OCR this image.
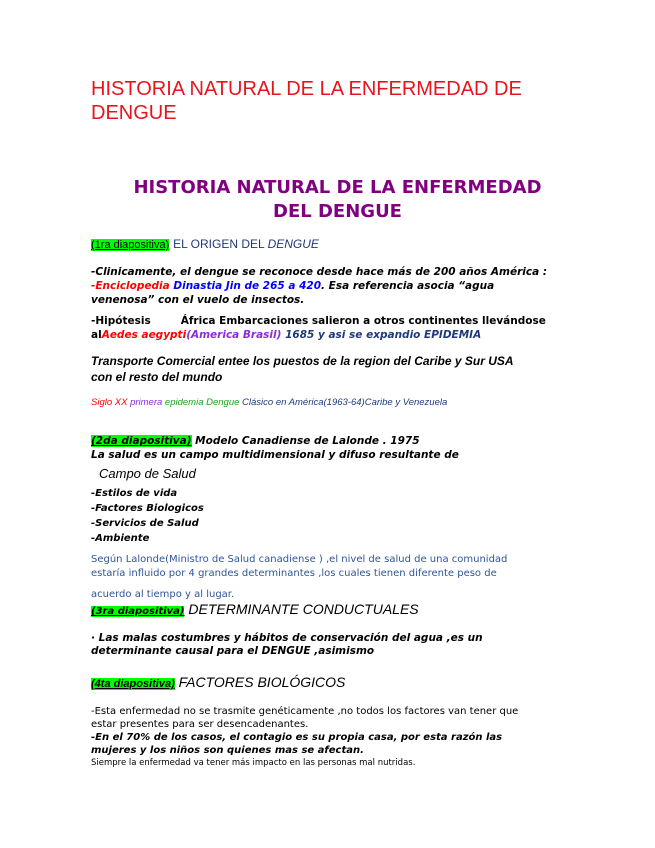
HISTORIA NATURAL DE LA ENFERMEDAD DE
DENGUE
HISTORIA NATURAL DE LA ENFERMEDAD
DEL DENGUE
(1ra diapositiva) EL ORIGEN DEL DENGUE
-Clinicamente, el dengue se reconoce desde hace más de 200 años América :
-Enciclopedia Dinastia Jin de 265 a 420. Esa referencia asocia “agua
venenosa” con el vuelo de insectos.
-Hipótesis	África Embarcaciones salieron a otros continentes llevándose
alAedes aegypti(America Brasil) 1685 y asi se expandio EPIDEMIA
Transporte Comercial entee los puestos de la region del Caribe y Sur USA
con el resto del mundo
Siglo XX primera epidemia Dengue Clásico en América(1963-64)Caribe y Venezuela
(2da diapositiva) Modelo Canadiense de Lalonde . 1975
La salud es un campo multidimensional y difuso resultante de
Campo de Salud
-Estilos de vida
-Factores Biologicos
-Servicios de Salud
-Ambiente
Según Lalonde(Ministro de Salud canadiense ) ,el nivel de salud de una comunidad
estaría influido por 4 grandes determinantes ,los cuales tienen diferente peso de
acuerdo al tiempo y al lugar.
(3ra diapositiva) DETERMINANTE CONDUCTUALES
· Las malas costumbres y hábitos de conservación del agua ,es un
determinante causal para el DENGUE ,asimismo
(4ta diapositiva) FACTORES BIOLÓGICOS
-Esta enfermedad no se trasmite genéticamente ,no todos los factores van tener que
estar presentes para ser desencadenantes.
-En el 70% de los casos, el contagio es su propia casa, por esta razón las
mujeres y los niños son quienes mas se afectan.
Siempre la enfermedad va tener más impacto en las personas mal nutridas.
